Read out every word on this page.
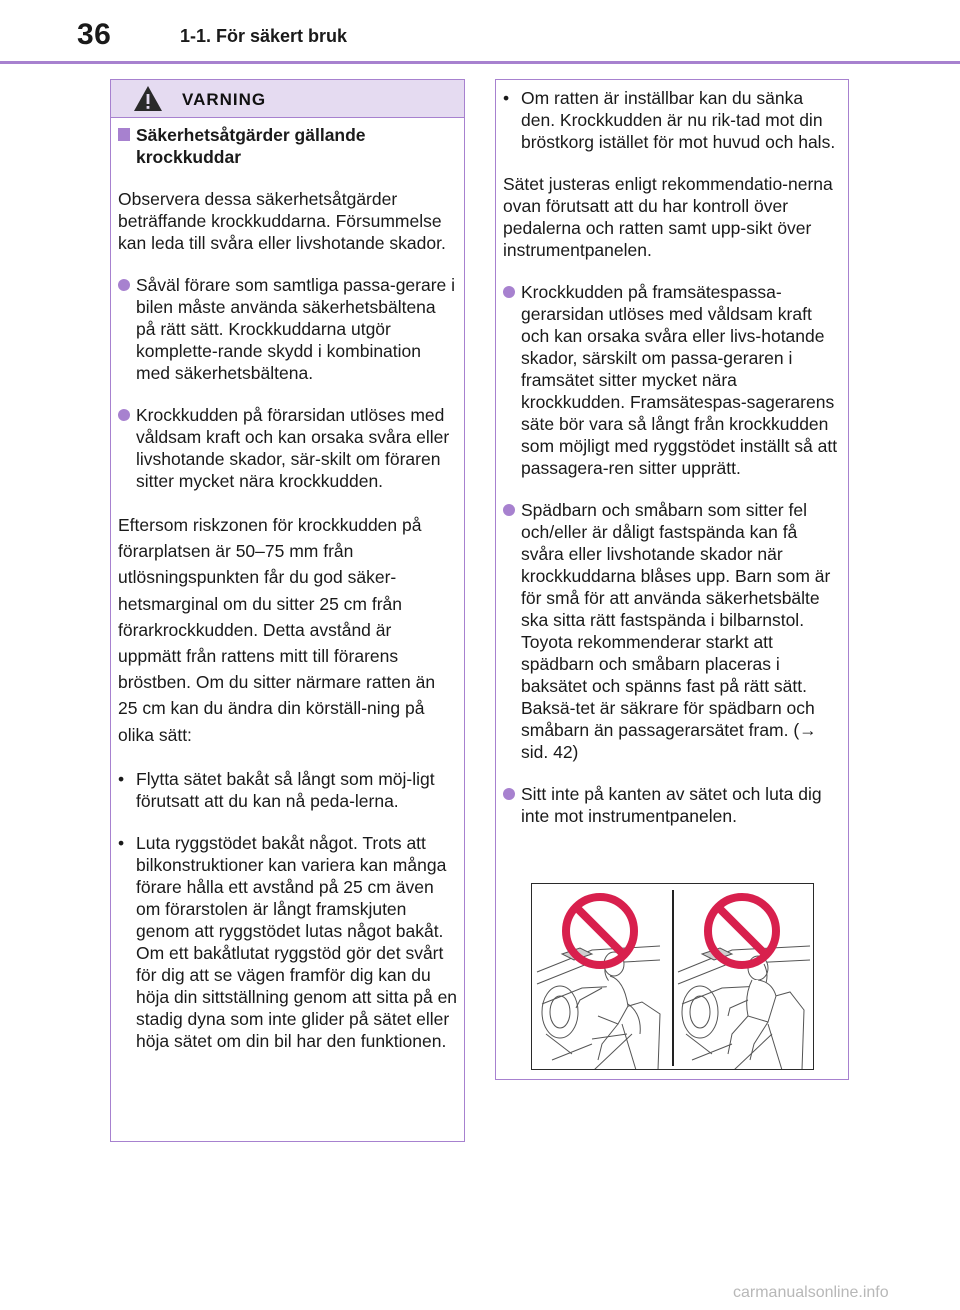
36	1-1. För säkert bruk
VARNING
Säkerhetsåtgärder gällande krockkuddar
Observera dessa säkerhetsåtgärder beträffande krockkuddarna. Försummelse kan leda till svåra eller livshotande skador.
Såväl förare som samtliga passa-gerare i bilen måste använda säkerhetsbältena på rätt sätt. Krockkuddarna utgör komplette-rande skydd i kombination med säkerhetsbältena.
Krockkudden på förarsidan utlöses med våldsam kraft och kan orsaka svåra eller livshotande skador, sär-skilt om föraren sitter mycket nära krockkudden.
Eftersom riskzonen för krockkudden på förarplatsen är 50–75 mm från utlösningspunkten får du god säker-hetsmarginal om du sitter 25 cm från förarkrockkudden. Detta avstånd är uppmätt från rattens mitt till förarens bröstben. Om du sitter närmare ratten än 25 cm kan du ändra din körställ-ning på olika sätt:
• Flytta sätet bakåt så långt som möj-ligt förutsatt att du kan nå peda-lerna.
• Luta ryggstödet bakåt något. Trots att bilkonstruktioner kan variera kan många förare hålla ett avstånd på 25 cm även om förarstolen är långt framskjuten genom att ryggstödet lutas något bakåt. Om ett bakåtlutat ryggstöd gör det svårt för dig att se vägen framför dig kan du höja din sittställning genom att sitta på en stadig dyna som inte glider på sätet eller höja sätet om din bil har den funktionen.
• Om ratten är inställbar kan du sänka den. Krockkudden är nu rik-tad mot din bröstkorg istället för mot huvud och hals.
Sätet justeras enligt rekommendatio-nerna ovan förutsatt att du har kontroll över pedalerna och ratten samt upp-sikt över instrumentpanelen.
Krockkudden på framsätespassa-gerarsidan utlöses med våldsam kraft och kan orsaka svåra eller livs-hotande skador, särskilt om passa-geraren i framsätet sitter mycket nära krockkudden. Framsätespas-sagerarens säte bör vara så långt från krockkudden som möjligt med ryggstödet inställt så att passagera-ren sitter upprätt.
Spädbarn och småbarn som sitter fel och/eller är dåligt fastspända kan få svåra eller livshotande skador när krockkuddarna blåses upp. Barn som är för små för att använda säkerhetsbälte ska sitta rätt fastspända i bilbarnstol. Toyota rekommenderar starkt att spädbarn och småbarn placeras i baksätet och spänns fast på rätt sätt. Baksä-tet är säkrare för spädbarn och småbarn än passagerarsätet fram. (→ sid. 42)
Sitt inte på kanten av sätet och luta dig inte mot instrumentpanelen.
carmanualsonline.info
